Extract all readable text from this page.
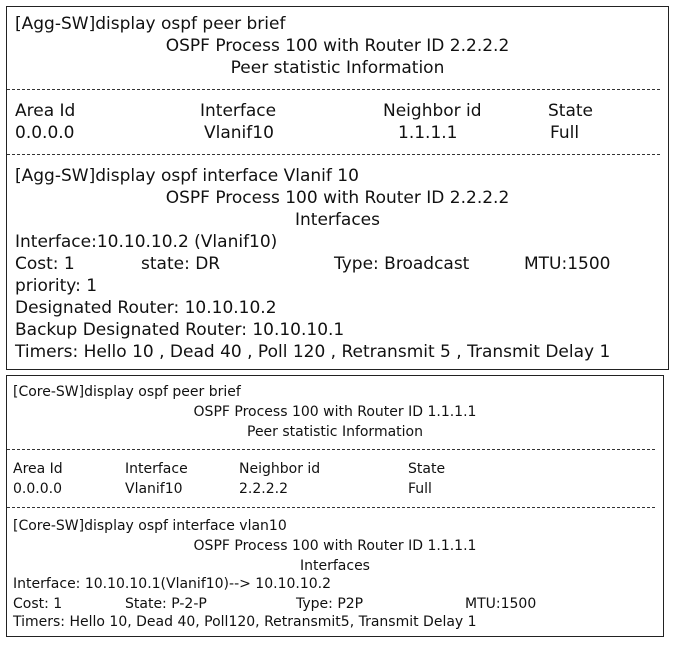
[Agg-SW]display ospf peer brief
OSPF Process 100 with Router ID 2.2.2.2
Peer statistic Information
Area Id	Interface	Neighbor id	State
0.0.0.0	Vlanif10	1.1.1.1	Full
[Agg-SW]display ospf interface Vlanif 10
OSPF Process 100 with Router ID 2.2.2.2
Interfaces
Interface:10.10.10.2 (Vlanif10)
Cost: 1	state: DR	Type: Broadcast	MTU:1500
priority: 1
Designated Router: 10.10.10.2
Backup Designated Router: 10.10.10.1
Timers: Hello 10 , Dead 40 , Poll 120 , Retransmit 5 , Transmit Delay 1
[Core-SW]display ospf peer brief
OSPF Process 100 with Router ID 1.1.1.1
Peer statistic Information
Area Id	Interface	Neighbor id	State
0.0.0.0	Vlanif10	2.2.2.2	Full
[Core-SW]display ospf interface vlan10
OSPF Process 100 with Router ID 1.1.1.1
Interfaces
Interface: 10.10.10.1(Vlanif10)--> 10.10.10.2
Cost: 1	State: P-2-P	Type: P2P	MTU:1500
Timers: Hello 10, Dead 40, Poll120, Retransmit5, Transmit Delay 1
